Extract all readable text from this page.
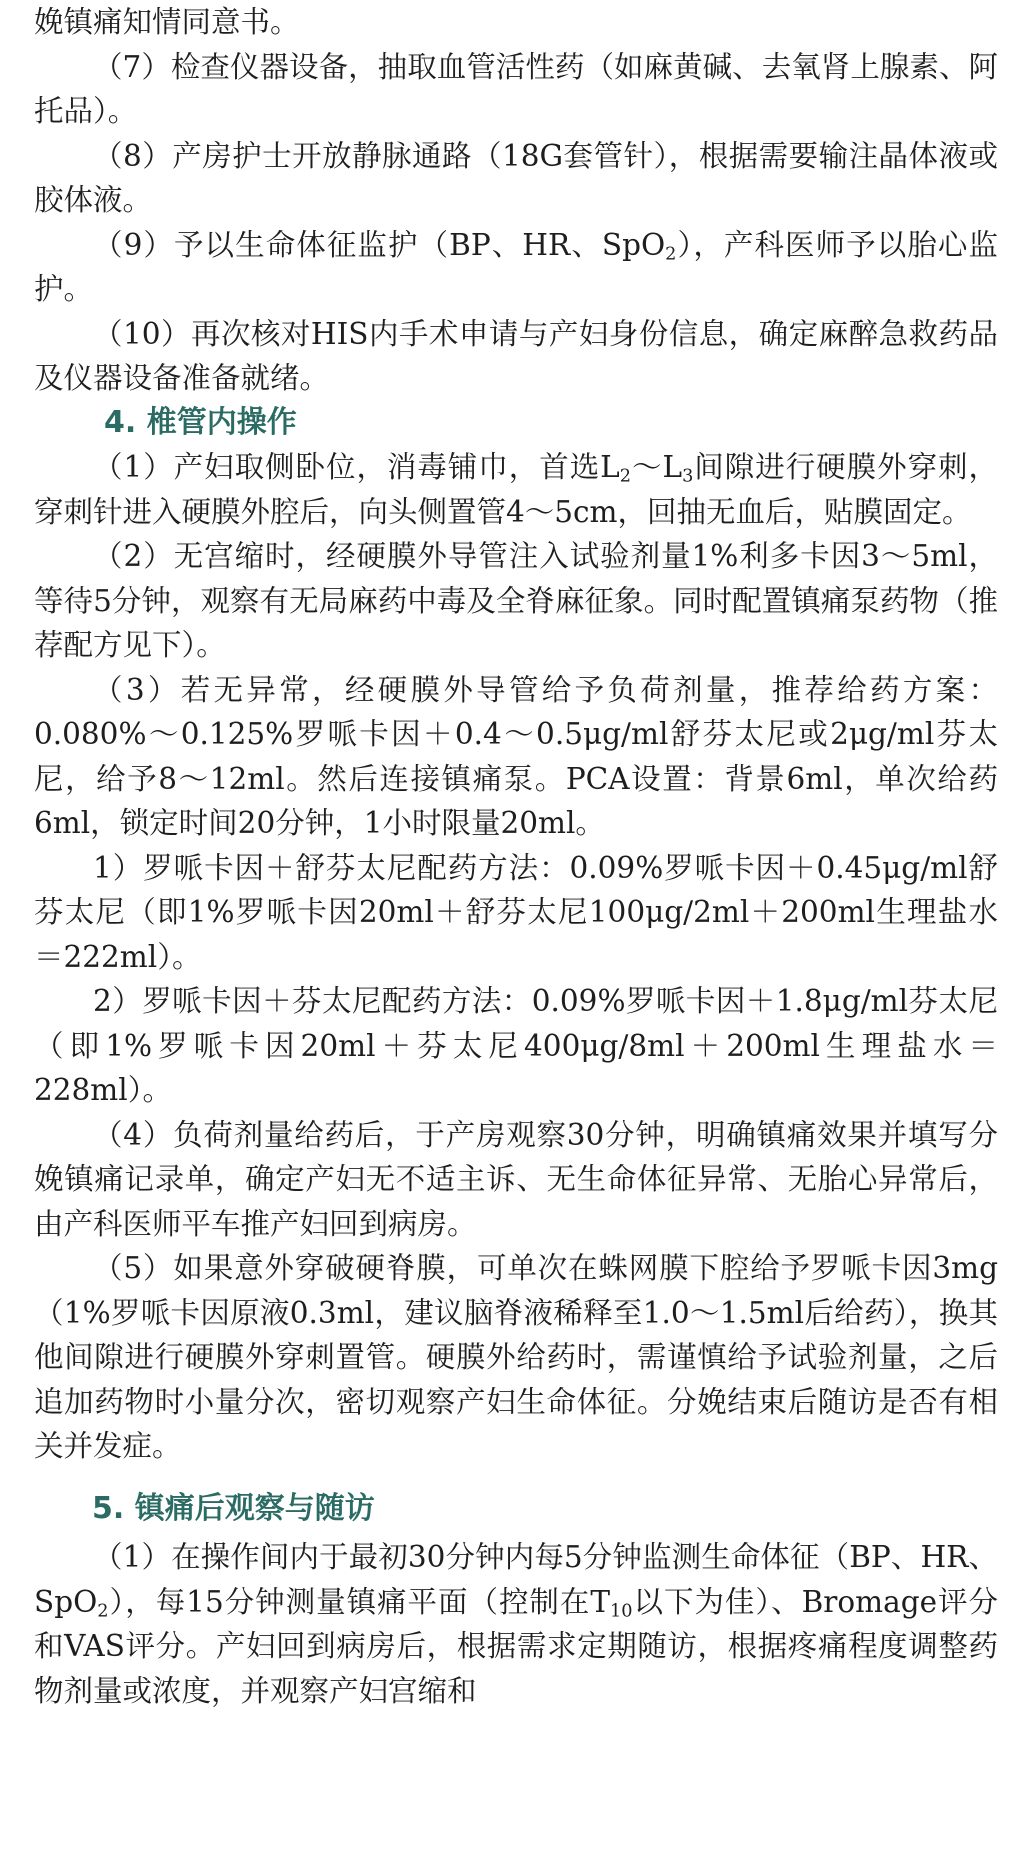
娩镇痛知情同意书。

（7）检查仪器设备，抽取血管活性药（如麻黄碱、去氧肾上腺素、阿托品）。

（8）产房护士开放静脉通路（18G套管针），根据需要输注晶体液或胶体液。

（9）予以生命体征监护（BP、HR、SpO$_2$），产科医师予以胎心监护。

（10）再次核对HIS内手术申请与产妇身份信息，确定麻醉急救药品及仪器设备准备就绪。

4. 椎管内操作

（1）产妇取侧卧位，消毒铺巾，首选$L_2\sim L_3$间隙进行硬膜外穿刺，穿刺针进入硬膜外腔后，向头侧置管4～5cm，回抽无血后，贴膜固定。

（2）无宫缩时，经硬膜外导管注入试验剂量1%利多卡因3～5ml，等待5分钟，观察有无局麻药中毒及全脊麻征象。同时配置镇痛泵药物（推荐配方见下）。

（3）若无异常，经硬膜外导管给予负荷剂量，推荐给药方案：0.080%～0.125%罗哌卡因＋0.4～0.5μg/ml舒芬太尼或2μg/ml芬太尼，给予8～12ml。然后连接镇痛泵。PCA设置：背景6ml，单次给药6ml，锁定时间20分钟，1小时限量20ml。

1）罗哌卡因＋舒芬太尼配药方法：0.09%罗哌卡因＋0.45μg/ml舒芬太尼（即1%罗哌卡因20ml＋舒芬太尼100μg/2ml＋200ml生理盐水＝222ml）。

2）罗哌卡因＋芬太尼配药方法：0.09%罗哌卡因＋1.8μg/ml芬太尼（即1%罗哌卡因20ml＋芬太尼400μg/8ml＋200ml生理盐水＝228ml）。

（4）负荷剂量给药后，于产房观察30分钟，明确镇痛效果并填写分娩镇痛记录单，确定产妇无不适主诉、无生命体征异常、无胎心异常后，由产科医师平车推产妇回到病房。

（5）如果意外穿破硬脊膜，可单次在蛛网膜下腔给予罗哌卡因3mg（1%罗哌卡因原液0.3ml，建议脑脊液稀释至1.0～1.5ml后给药），换其他间隙进行硬膜外穿刺置管。硬膜外给药时，需谨慎给予试验剂量，之后追加药物时小量分次，密切观察产妇生命体征。分娩结束后随访是否有相关并发症。

5. 镇痛后观察与随访

（1）在操作间内于最初30分钟内每5分钟监测生命体征（BP、HR、SpO$_2$），每15分钟测量镇痛平面（控制在$T_{10}$以下为佳）、Bromage评分和VAS评分。产妇回到病房后，根据需求定期随访，根据疼痛程度调整药物剂量或浓度，并观察产妇宫缩和
